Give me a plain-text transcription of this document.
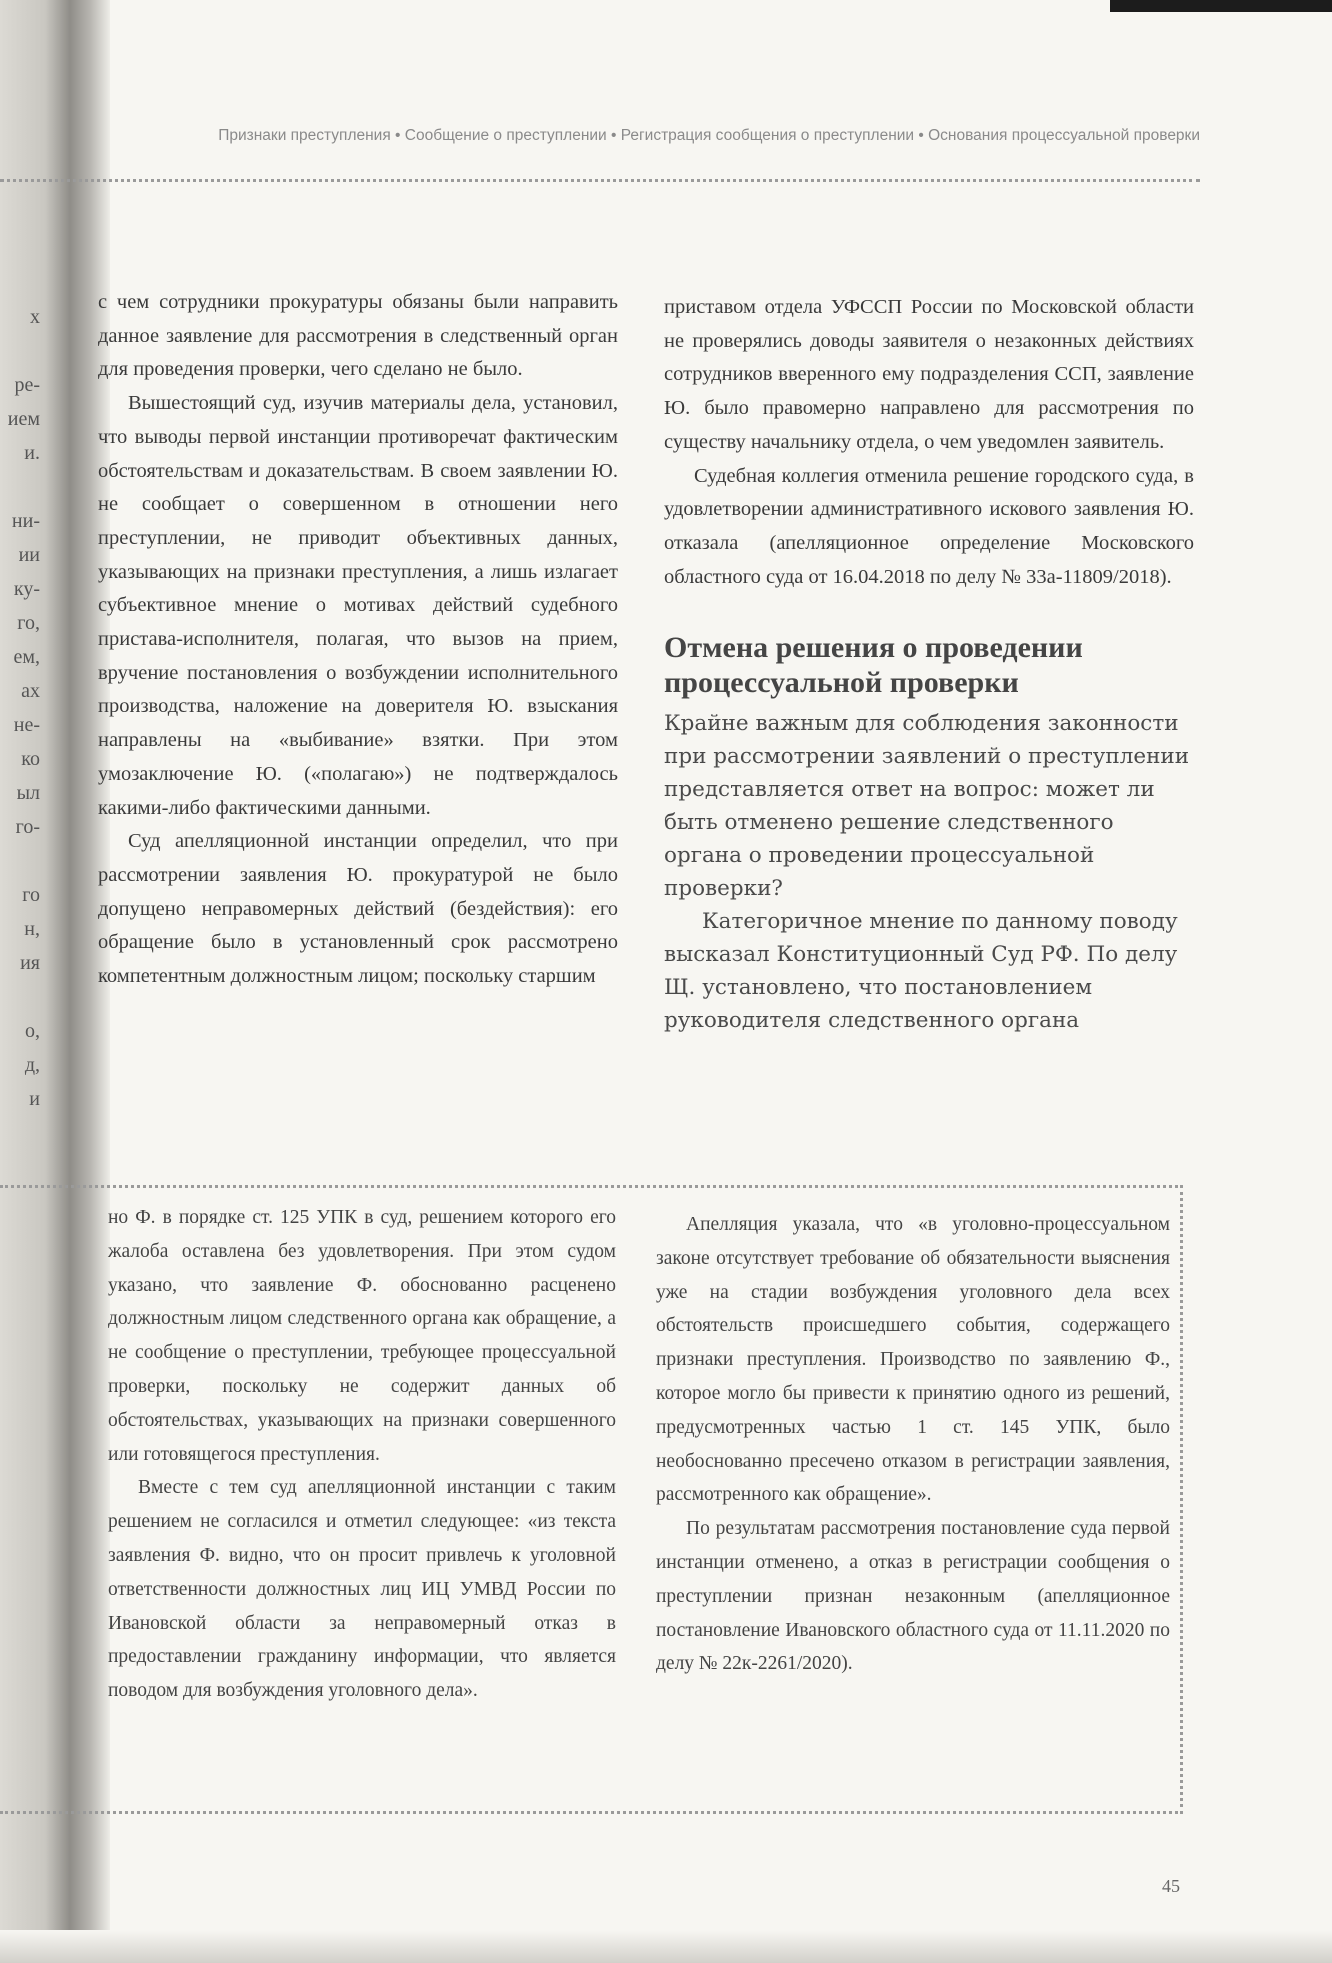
х
ре-
ием
и.
ни-
ии
ку-
го,
ем,
ах
не-
ко
ыл
го-
го
н,
ия
о,
д,
и
Признаки преступления • Сообщение о преступлении • Регистрация сообщения о преступлении • Основания процессуальной проверки

с чем сотрудники прокуратуры обязаны были направить данное заявление для рассмотрения в следственный орган для проведения проверки, чего сделано не было.

Вышестоящий суд, изучив материалы дела, установил, что выводы первой инстанции противоречат фактическим обстоятельствам и доказательствам. В своем заявлении Ю. не сообщает о совершенном в отношении него преступлении, не приводит объективных данных, указывающих на признаки преступления, а лишь излагает субъективное мнение о мотивах действий судебного пристава-исполнителя, полагая, что вызов на прием, вручение постановления о возбуждении исполнительного производства, наложение на доверителя Ю. взыскания направлены на «выбивание» взятки. При этом умозаключение Ю. («полагаю») не подтверждалось какими-либо фактическими данными.

Суд апелляционной инстанции определил, что при рассмотрении заявления Ю. прокуратурой не было допущено неправомерных действий (бездействия): его обращение было в установленный срок рассмотрено компетентным должностным лицом; поскольку старшим

приставом отдела УФССП России по Московской области не проверялись доводы заявителя о незаконных действиях сотрудников вверенного ему подразделения ССП, заявление Ю. было правомерно направлено для рассмотрения по существу начальнику отдела, о чем уведомлен заявитель.

Судебная коллегия отменила решение городского суда, в удовлетворении административного искового заявления Ю. отказала (апелляционное определение Московского областного суда от 16.04.2018 по делу № 33а-11809/2018).

Отмена решения о проведении процессуальной проверки

Крайне важным для соблюдения законности при рассмотрении заявлений о преступлении представляется ответ на вопрос: может ли быть отменено решение следственного органа о проведении процессуальной проверки?

Категоричное мнение по данному поводу высказал Конституционный Суд РФ. По делу Щ. установлено, что постановлением руководителя следственного органа

но Ф. в порядке ст. 125 УПК в суд, решением которого его жалоба оставлена без удовлетворения. При этом судом указано, что заявление Ф. обоснованно расценено должностным лицом следственного органа как обращение, а не сообщение о преступлении, требующее процессуальной проверки, поскольку не содержит данных об обстоятельствах, указывающих на признаки совершенного или готовящегося преступления.

Вместе с тем суд апелляционной инстанции с таким решением не согласился и отметил следующее: «из текста заявления Ф. видно, что он просит привлечь к уголовной ответственности должностных лиц ИЦ УМВД России по Ивановской области за неправомерный отказ в предоставлении гражданину информации, что является поводом для возбуждения уголовного дела».

Апелляция указала, что «в уголовно-процессуальном законе отсутствует требование об обязательности выяснения уже на стадии возбуждения уголовного дела всех обстоятельств происшедшего события, содержащего признаки преступления. Производство по заявлению Ф., которое могло бы привести к принятию одного из решений, предусмотренных частью 1 ст. 145 УПК, было необоснованно пресечено отказом в регистрации заявления, рассмотренного как обращение».

По результатам рассмотрения постановление суда первой инстанции отменено, а отказ в регистрации сообщения о преступлении признан незаконным (апелляционное постановление Ивановского областного суда от 11.11.2020 по делу № 22к-2261/2020).

45
